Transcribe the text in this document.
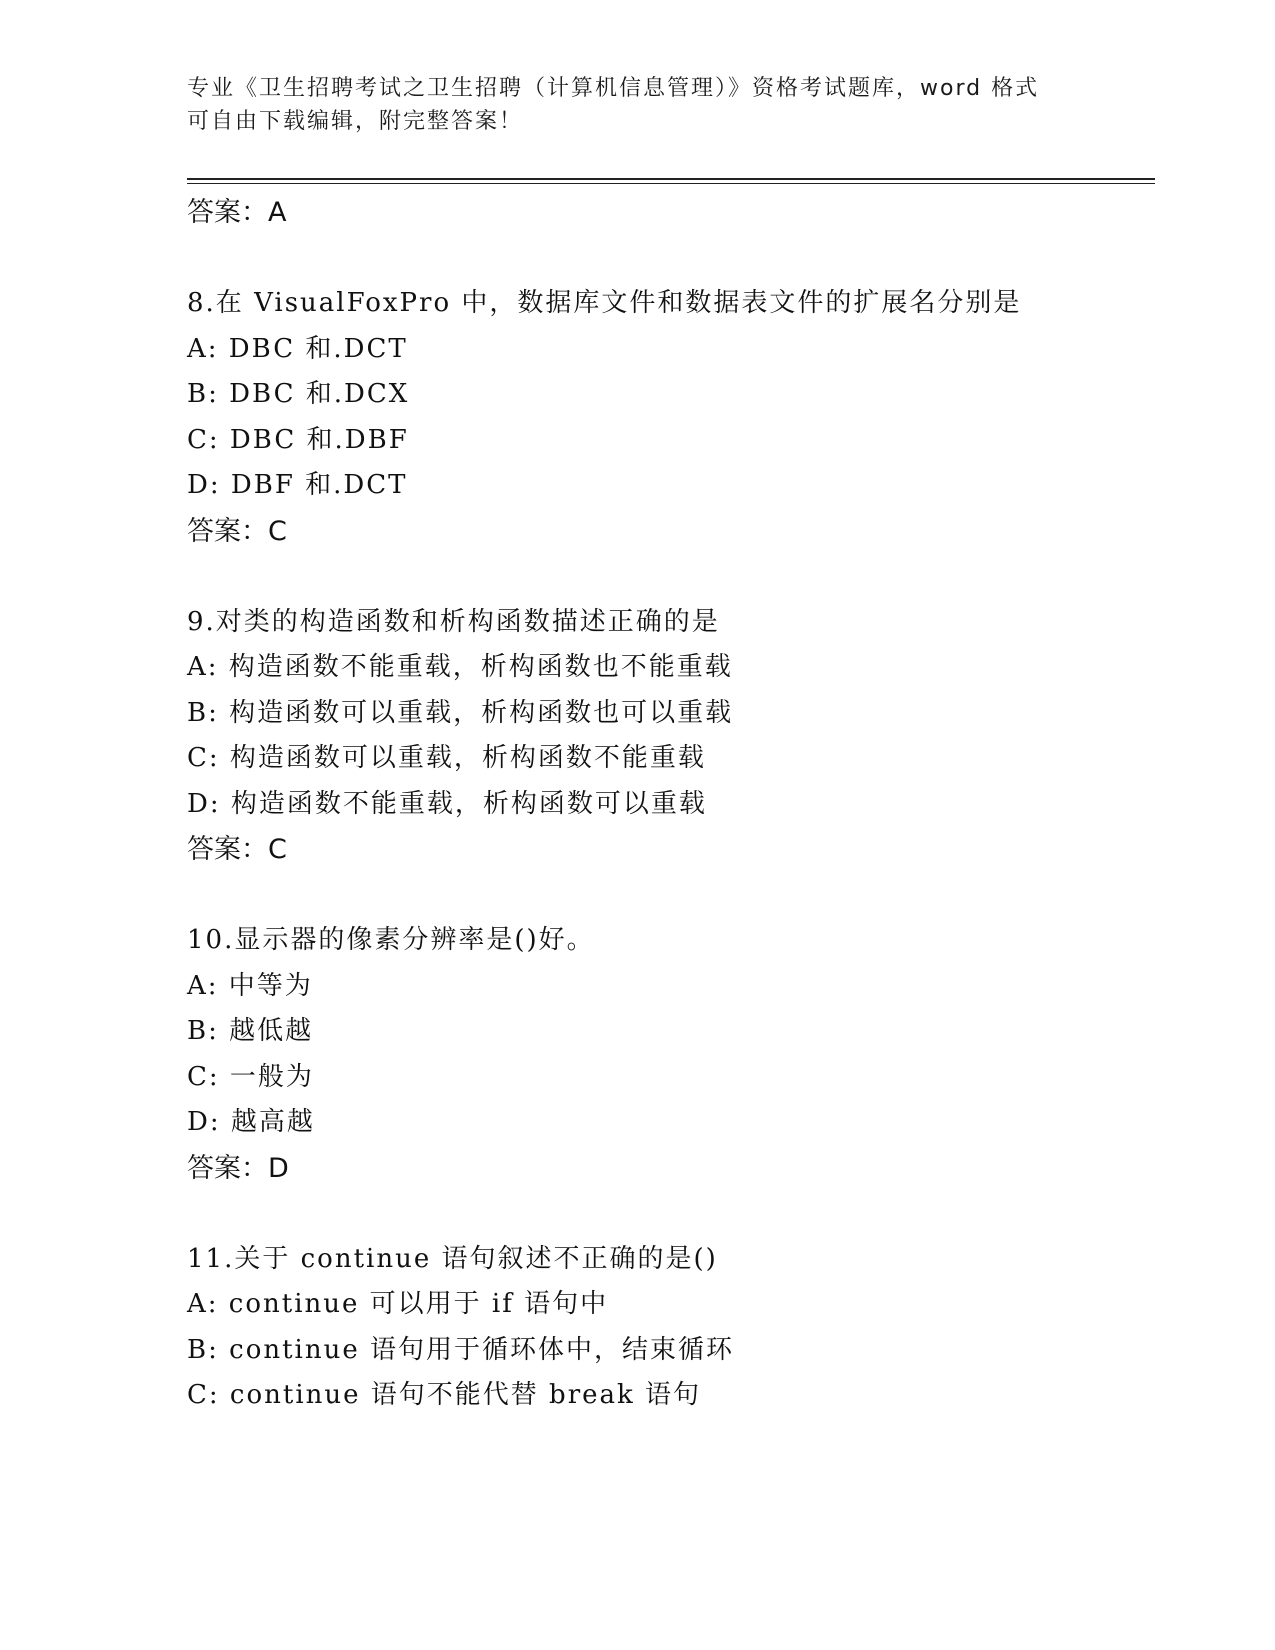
专业《卫生招聘考试之卫生招聘（计算机信息管理）》资格考试题库，word 格式
可自由下载编辑，附完整答案！
答案：A
8.在 VisualFoxPro 中，数据库文件和数据表文件的扩展名分别是
A: DBC 和.DCT
B: DBC 和.DCX
C: DBC 和.DBF
D: DBF 和.DCT
答案：C
9.对类的构造函数和析构函数描述正确的是
A: 构造函数不能重载，析构函数也不能重载
B: 构造函数可以重载，析构函数也可以重载
C: 构造函数可以重载，析构函数不能重载
D: 构造函数不能重载，析构函数可以重载
答案：C
10.显示器的像素分辨率是()好。
A: 中等为
B: 越低越
C: 一般为
D: 越高越
答案：D
11.关于 continue 语句叙述不正确的是()
A: continue 可以用于 if 语句中
B: continue 语句用于循环体中，结束循环
C: continue 语句不能代替 break 语句
